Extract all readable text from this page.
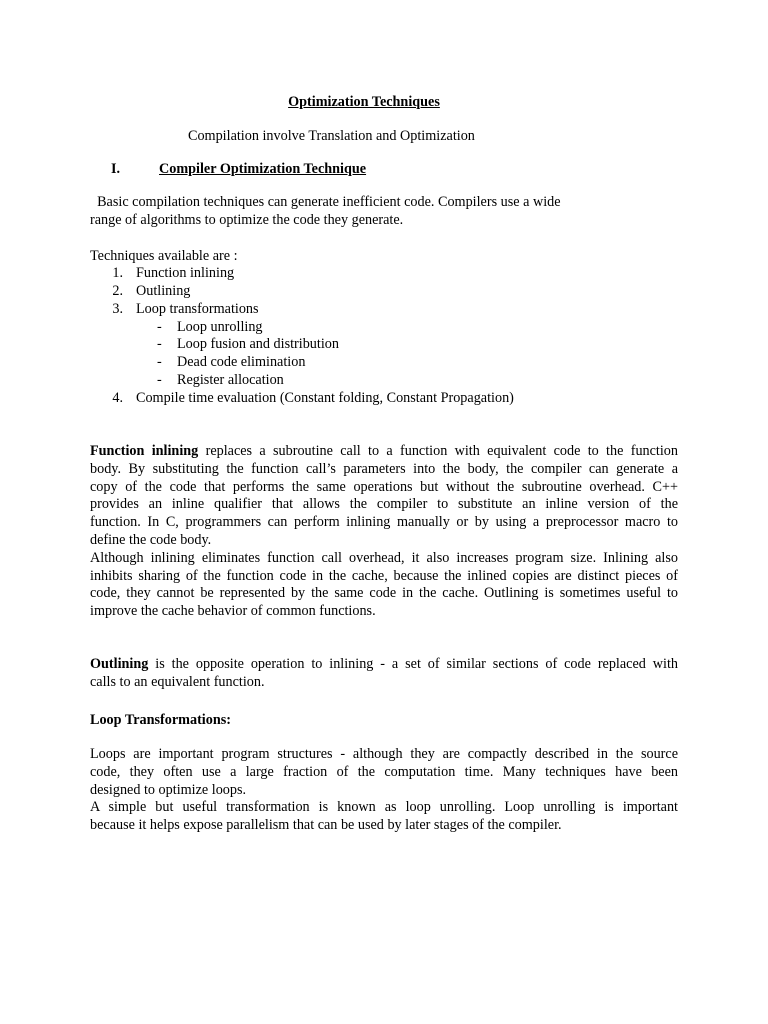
Optimization Techniques
Compilation involve Translation and Optimization
I.	Compiler Optimization Technique
Basic compilation techniques can generate inefficient code. Compilers use a wide
range of algorithms to optimize the code they generate.
Techniques available are :
1. Function inlining
2. Outlining
3. Loop transformations
- Loop unrolling
- Loop fusion and distribution
- Dead code elimination
- Register allocation
4. Compile time evaluation (Constant folding, Constant Propagation)
Function inlining replaces a subroutine call to a function with equivalent code to the function
body. By substituting the function call’s parameters into the body, the compiler can generate a
copy of the code that performs the same operations but without the subroutine overhead. C++
provides an inline qualifier that allows the compiler to substitute an inline version of the
function. In C, programmers can perform inlining manually or by using a preprocessor macro to
define the code body.
Although inlining eliminates function call overhead, it also increases program size. Inlining also
inhibits sharing of the function code in the cache, because the inlined copies are distinct pieces of
code, they cannot be represented by the same code in the cache. Outlining is sometimes useful to
improve the cache behavior of common functions.
Outlining is the opposite operation to inlining - a set of similar sections of code replaced with
calls to an equivalent function.
Loop Transformations:
Loops are important program structures - although they are compactly described in the source
code, they often use a large fraction of the computation time. Many techniques have been
designed to optimize loops.
A simple but useful transformation is known as loop unrolling. Loop unrolling is important
because it helps expose parallelism that can be used by later stages of the compiler.
